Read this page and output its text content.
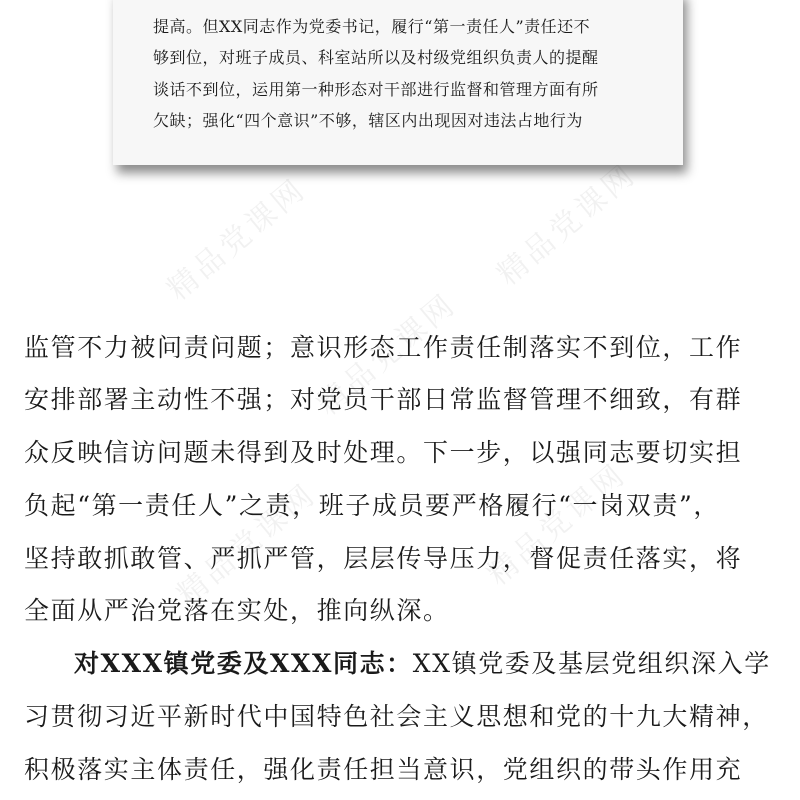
精品党课网	精品党课网
精品党课网
精品党课网	精品党课网
提高。但XX同志作为党委书记，履行“第一责任人”责任还不
够到位，对班子成员、科室站所以及村级党组织负责人的提醒
谈话不到位，运用第一种形态对干部进行监督和管理方面有所
欠缺；强化“四个意识”不够，辖区内出现因对违法占地行为
监管不力被问责问题；意识形态工作责任制落实不到位，工作
安排部署主动性不强；对党员干部日常监督管理不细致，有群
众反映信访问题未得到及时处理。下一步，以强同志要切实担
负起“第一责任人”之责，班子成员要严格履行“一岗双责”，
坚持敢抓敢管、严抓严管，层层传导压力，督促责任落实，将
全面从严治党落在实处，推向纵深。
对XXX镇党委及XXX同志：XX镇党委及基层党组织深入学
习贯彻习近平新时代中国特色社会主义思想和党的十九大精神，
积极落实主体责任，强化责任担当意识，党组织的带头作用充
